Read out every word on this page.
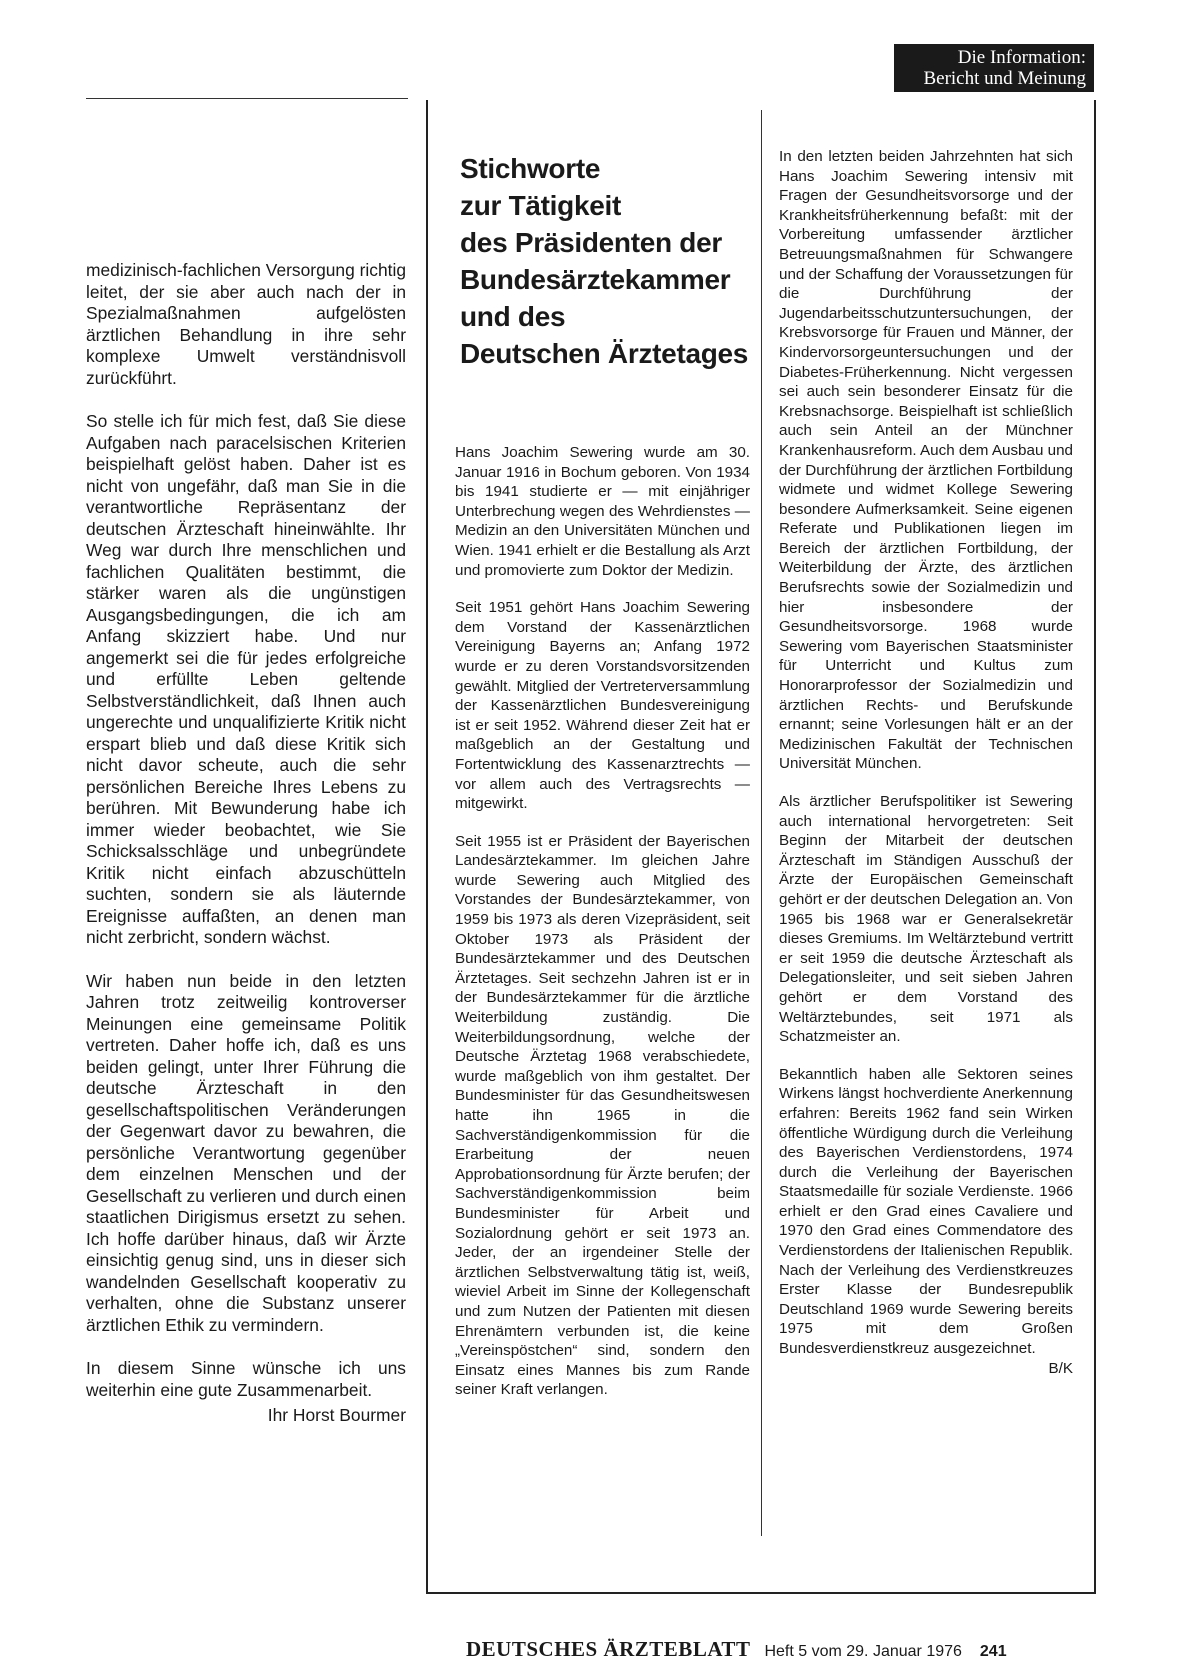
Die Information:
Bericht und Meinung

medizinisch-fachlichen Versorgung richtig leitet, der sie aber auch nach der in Spezialmaßnahmen aufgelösten ärztlichen Behandlung in ihre sehr komplexe Umwelt verständnisvoll zurückführt.

So stelle ich für mich fest, daß Sie diese Aufgaben nach paracelsischen Kriterien beispielhaft gelöst haben. Daher ist es nicht von ungefähr, daß man Sie in die verantwortliche Repräsentanz der deutschen Ärzteschaft hineinwählte. Ihr Weg war durch Ihre menschlichen und fachlichen Qualitäten bestimmt, die stärker waren als die ungünstigen Ausgangsbedingungen, die ich am Anfang skizziert habe. Und nur angemerkt sei die für jedes erfolgreiche und erfüllte Leben geltende Selbstverständlichkeit, daß Ihnen auch ungerechte und unqualifizierte Kritik nicht erspart blieb und daß diese Kritik sich nicht davor scheute, auch die sehr persönlichen Bereiche Ihres Lebens zu berühren. Mit Bewunderung habe ich immer wieder beobachtet, wie Sie Schicksalsschläge und unbegründete Kritik nicht einfach abzuschütteln suchten, sondern sie als läuternde Ereignisse auffaßten, an denen man nicht zerbricht, sondern wächst.

Wir haben nun beide in den letzten Jahren trotz zeitweilig kontroverser Meinungen eine gemeinsame Politik vertreten. Daher hoffe ich, daß es uns beiden gelingt, unter Ihrer Führung die deutsche Ärzteschaft in den gesellschaftspolitischen Veränderungen der Gegenwart davor zu bewahren, die persönliche Verantwortung gegenüber dem einzelnen Menschen und der Gesellschaft zu verlieren und durch einen staatlichen Dirigismus ersetzt zu sehen. Ich hoffe darüber hinaus, daß wir Ärzte einsichtig genug sind, uns in dieser sich wandelnden Gesellschaft kooperativ zu verhalten, ohne die Substanz unserer ärztlichen Ethik zu vermindern.

In diesem Sinne wünsche ich uns weiterhin eine gute Zusammenarbeit.

Ihr Horst Bourmer
Stichworte
zur Tätigkeit
des Präsidenten der
Bundesärztekammer
und des
Deutschen Ärztetages

Hans Joachim Sewering wurde am 30. Januar 1916 in Bochum geboren. Von 1934 bis 1941 studierte er — mit einjähriger Unterbrechung wegen des Wehrdienstes — Medizin an den Universitäten München und Wien. 1941 erhielt er die Bestallung als Arzt und promovierte zum Doktor der Medizin.

Seit 1951 gehört Hans Joachim Sewering dem Vorstand der Kassenärztlichen Vereinigung Bayerns an; Anfang 1972 wurde er zu deren Vorstandsvorsitzenden gewählt. Mitglied der Vertreterversammlung der Kassenärztlichen Bundesvereinigung ist er seit 1952. Während dieser Zeit hat er maßgeblich an der Gestaltung und Fortentwicklung des Kassenarztrechts — vor allem auch des Vertragsrechts — mitgewirkt.

Seit 1955 ist er Präsident der Bayerischen Landesärztekammer. Im gleichen Jahre wurde Sewering auch Mitglied des Vorstandes der Bundesärztekammer, von 1959 bis 1973 als deren Vizepräsident, seit Oktober 1973 als Präsident der Bundesärztekammer und des Deutschen Ärztetages. Seit sechzehn Jahren ist er in der Bundesärztekammer für die ärztliche Weiterbildung zuständig. Die Weiterbildungsordnung, welche der Deutsche Ärztetag 1968 verabschiedete, wurde maßgeblich von ihm gestaltet. Der Bundesminister für das Gesundheitswesen hatte ihn 1965 in die Sachverständigenkommission für die Erarbeitung der neuen Approbationsordnung für Ärzte berufen; der Sachverständigenkommission beim Bundesminister für Arbeit und Sozialordnung gehört er seit 1973 an. Jeder, der an irgendeiner Stelle der ärztlichen Selbstverwaltung tätig ist, weiß, wieviel Arbeit im Sinne der Kollegenschaft und zum Nutzen der Patienten mit diesen Ehrenämtern verbunden ist, die keine „Vereinspöstchen“ sind, sondern den Einsatz eines Mannes bis zum Rande seiner Kraft verlangen.

In den letzten beiden Jahrzehnten hat sich Hans Joachim Sewering intensiv mit Fragen der Gesundheitsvorsorge und der Krankheitsfrüherkennung befaßt: mit der Vorbereitung umfassender ärztlicher Betreuungsmaßnahmen für Schwangere und der Schaffung der Voraussetzungen für die Durchführung der Jugendarbeitsschutzuntersuchungen, der Krebsvorsorge für Frauen und Männer, der Kindervorsorgeuntersuchungen und der Diabetes-Früherkennung. Nicht vergessen sei auch sein besonderer Einsatz für die Krebsnachsorge. Beispielhaft ist schließlich auch sein Anteil an der Münchner Krankenhausreform. Auch dem Ausbau und der Durchführung der ärztlichen Fortbildung widmete und widmet Kollege Sewering besondere Aufmerksamkeit. Seine eigenen Referate und Publikationen liegen im Bereich der ärztlichen Fortbildung, der Weiterbildung der Ärzte, des ärztlichen Berufsrechts sowie der Sozialmedizin und hier insbesondere der Gesundheitsvorsorge. 1968 wurde Sewering vom Bayerischen Staatsminister für Unterricht und Kultus zum Honorarprofessor der Sozialmedizin und ärztlichen Rechts- und Berufskunde ernannt; seine Vorlesungen hält er an der Medizinischen Fakultät der Technischen Universität München.

Als ärztlicher Berufspolitiker ist Sewering auch international hervorgetreten: Seit Beginn der Mitarbeit der deutschen Ärzteschaft im Ständigen Ausschuß der Ärzte der Europäischen Gemeinschaft gehört er der deutschen Delegation an. Von 1965 bis 1968 war er Generalsekretär dieses Gremiums. Im Weltärztebund vertritt er seit 1959 die deutsche Ärzteschaft als Delegationsleiter, und seit sieben Jahren gehört er dem Vorstand des Weltärztebundes, seit 1971 als Schatzmeister an.

Bekanntlich haben alle Sektoren seines Wirkens längst hochverdiente Anerkennung erfahren: Bereits 1962 fand sein Wirken öffentliche Würdigung durch die Verleihung des Bayerischen Verdienstordens, 1974 durch die Verleihung der Bayerischen Staatsmedaille für soziale Verdienste. 1966 erhielt er den Grad eines Cavaliere und 1970 den Grad eines Commendatore des Verdienstordens der Italienischen Republik. Nach der Verleihung des Verdienstkreuzes Erster Klasse der Bundesrepublik Deutschland 1969 wurde Sewering bereits 1975 mit dem Großen Bundesverdienstkreuz ausgezeichnet.

B/K
DEUTSCHES ÄRZTEBLATT Heft 5 vom 29. Januar 1976 241
